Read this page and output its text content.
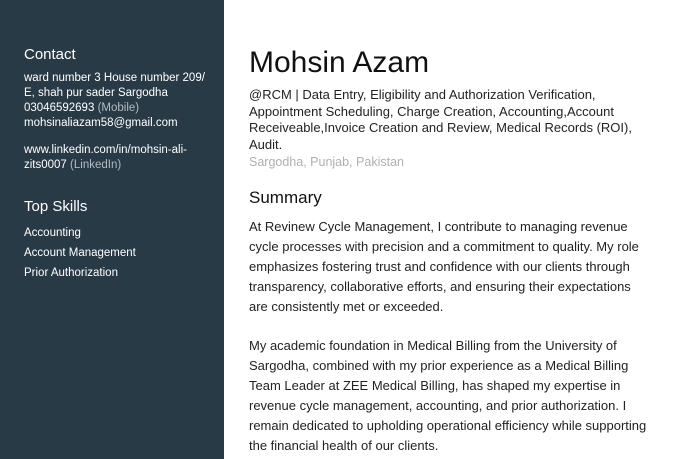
Contact
ward number 3 House number 209/
E, shah pur sader Sargodha
03046592693 (Mobile)
mohsinaliazam58@gmail.com
www.linkedin.com/in/mohsin-ali-
zits0007 (LinkedIn)
Top Skills
Accounting
Account Management
Prior Authorization
Mohsin Azam
@RCM | Data Entry, Eligibility and Authorization Verification,
Appointment Scheduling, Charge Creation, Accounting,Account
Receiveable,Invoice Creation and Review, Medical Records (ROI),
Audit.
Sargodha, Punjab, Pakistan
Summary
At Revinew Cycle Management, I contribute to managing revenue
cycle processes with precision and a commitment to quality. My role
emphasizes fostering trust and confidence with our clients through
transparency, collaborative efforts, and ensuring their expectations
are consistently met or exceeded.
My academic foundation in Medical Billing from the University of
Sargodha, combined with my prior experience as a Medical Billing
Team Leader at ZEE Medical Billing, has shaped my expertise in
revenue cycle management, accounting, and prior authorization. I
remain dedicated to upholding operational efficiency while supporting
the financial health of our clients.
